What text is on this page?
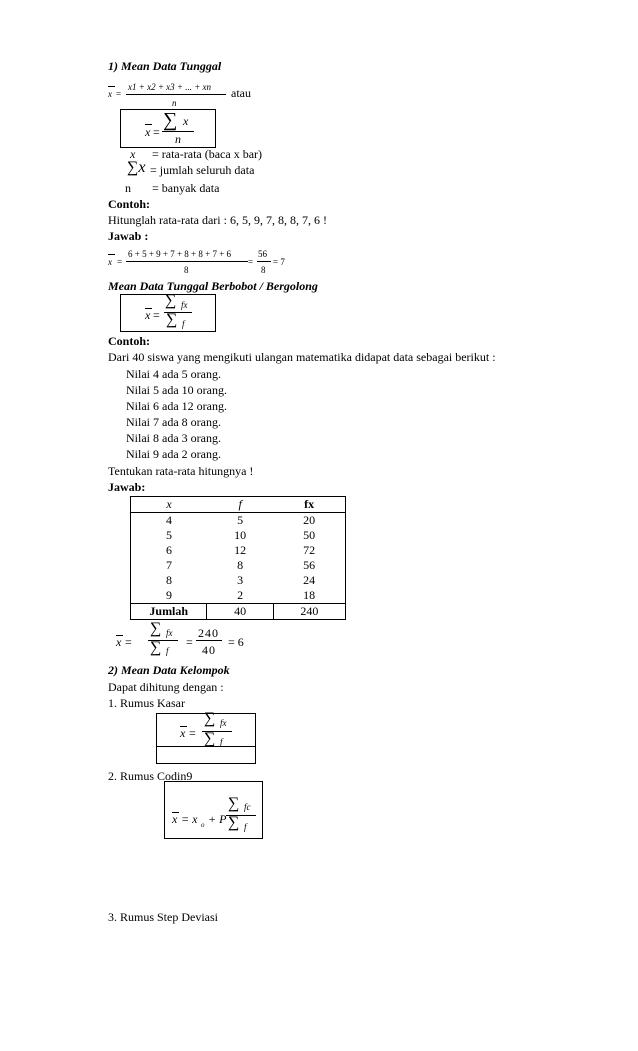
1) Mean Data Tunggal
x =
x1 + x2 + x3 + ... + xn
n
atau
x =
∑ x
n
x = rata-rata (baca x bar)
∑x = jumlah seluruh data
n = banyak data
Contoh:
Hitunglah rata-rata dari : 6, 5, 9, 7, 8, 8, 7, 6 !
Jawab :
x =
6 + 5 + 9 + 7 + 8 + 8 + 7 + 6
8
=
56
8
= 7
Mean Data Tunggal Berbobot / Bergolong
x =
∑ fx
∑ f
Contoh:
Dari 40 siswa yang mengikuti ulangan matematika didapat data sebagai berikut :
Nilai 4 ada 5 orang.
Nilai 5 ada 10 orang.
Nilai 6 ada 12 orang.
Nilai 7 ada 8 orang.
Nilai 8 ada 3 orang.
Nilai 9 ada 2 orang.
Tentukan rata-rata hitungnya !
Jawab:
x	f	fx
4	5	20
5	10	50
6	12	72
7	8	56
8	3	24
9	2	18
Jumlah	40	240
x =
∑ fx
∑ f
=
240
40
= 6
2) Mean Data Kelompok
Dapat dihitung dengan :
1. Rumus Kasar
x =
∑ fx
∑ f
2. Rumus Codin9
x = x o + P
∑ fc
∑ f
3. Rumus Step Deviasi
